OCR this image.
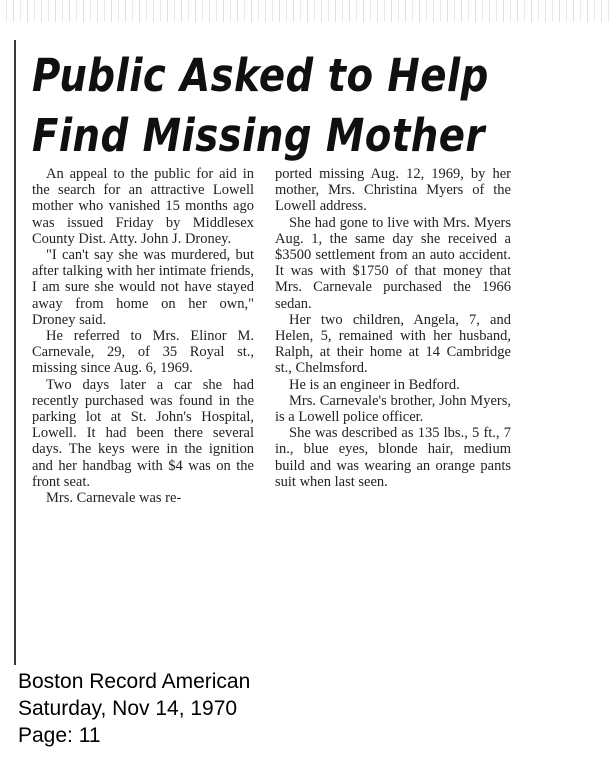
Public Asked to Help
Find Missing Mother

An appeal to the public for aid in the search for an attractive Lowell mother who vanished 15 months ago was issued Friday by Middlesex County Dist. Atty. John J. Droney.

"I can't say she was murdered, but after talking with her intimate friends, I am sure she would not have stayed away from home on her own," Droney said.

He referred to Mrs. Elinor M. Carnevale, 29, of 35 Royal st., missing since Aug. 6, 1969.

Two days later a car she had recently purchased was found in the parking lot at St. John's Hospital, Lowell. It had been there several days. The keys were in the ignition and her handbag with $4 was on the front seat.

Mrs. Carnevale was re-

ported missing Aug. 12, 1969, by her mother, Mrs. Christina Myers of the Lowell address.

She had gone to live with Mrs. Myers Aug. 1, the same day she received a $3500 settlement from an auto accident. It was with $1750 of that money that Mrs. Carnevale purchased the 1966 sedan.

Her two children, Angela, 7, and Helen, 5, remained with her husband, Ralph, at their home at 14 Cambridge st., Chelmsford.

He is an engineer in Bedford.

Mrs. Carnevale's brother, John Myers, is a Lowell police officer.

She was described as 135 lbs., 5 ft., 7 in., blue eyes, blonde hair, medium build and was wearing an orange pants suit when last seen.

Boston Record American
Saturday, Nov 14, 1970
Page: 11
